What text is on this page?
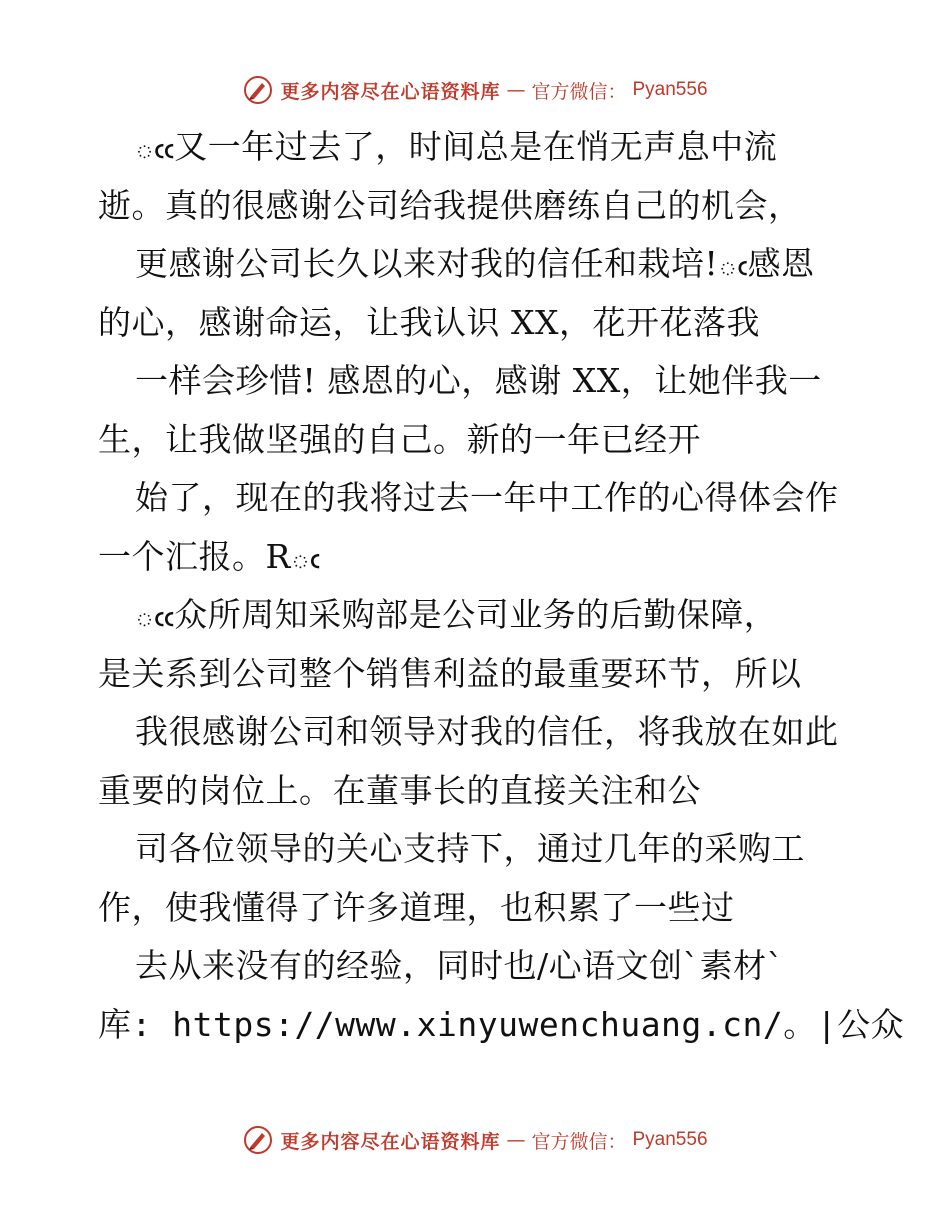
更多内容尽在心语资料库 — 官方微信： Pyan556
ఁఁ又一年过去了，时间总是在悄无声息中流
逝。真的很感谢公司给我提供磨练自己的机会，
更感谢公司长久以来对我的信任和栽培!ఁ感恩
的心，感谢命运，让我认识 XX，花开花落我
一样会珍惜! 感恩的心，感谢 XX，让她伴我一
生，让我做坚强的自己。新的一年已经开
始了，现在的我将过去一年中工作的心得体会作
一个汇报。Rఁ
ఁఁ众所周知采购部是公司业务的后勤保障，
是关系到公司整个销售利益的最重要环节，所以
我很感谢公司和领导对我的信任，将我放在如此
重要的岗位上。在董事长的直接关注和公
司各位领导的关心支持下，通过几年的采购工
作，使我懂得了许多道理，也积累了一些过
去从来没有的经验，同时也/心语文创`素材`
库: https://www.xinyuwenchuang.cn/。|公众
更多内容尽在心语资料库 — 官方微信： Pyan556
